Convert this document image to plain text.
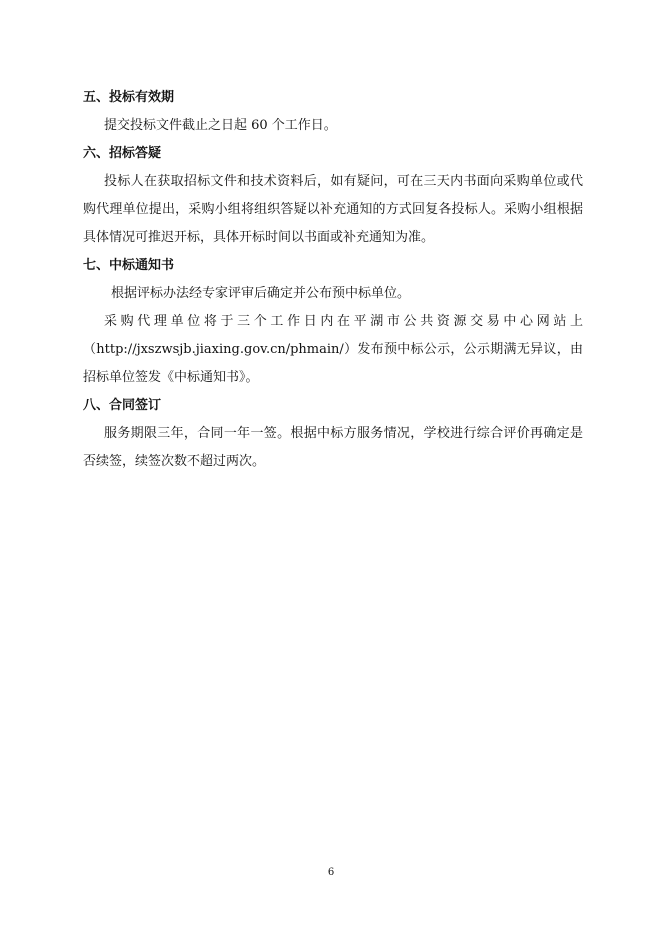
五、投标有效期
提交投标文件截止之日起 60 个工作日。
六、招标答疑
投标人在获取招标文件和技术资料后，如有疑问，可在三天内书面向采购单位或代
购代理单位提出，采购小组将组织答疑以补充通知的方式回复各投标人。采购小组根据
具体情况可推迟开标，具体开标时间以书面或补充通知为准。
七、中标通知书
根据评标办法经专家评审后确定并公布预中标单位。
采购代理单位将于三个工作日内在平湖市公共资源交易中心网站上
（http://jxszwsjb.jiaxing.gov.cn/phmain/）发布预中标公示，公示期满无异议，由
招标单位签发《中标通知书》。
八、合同签订
服务期限三年，合同一年一签。根据中标方服务情况，学校进行综合评价再确定是
否续签，续签次数不超过两次。
6
